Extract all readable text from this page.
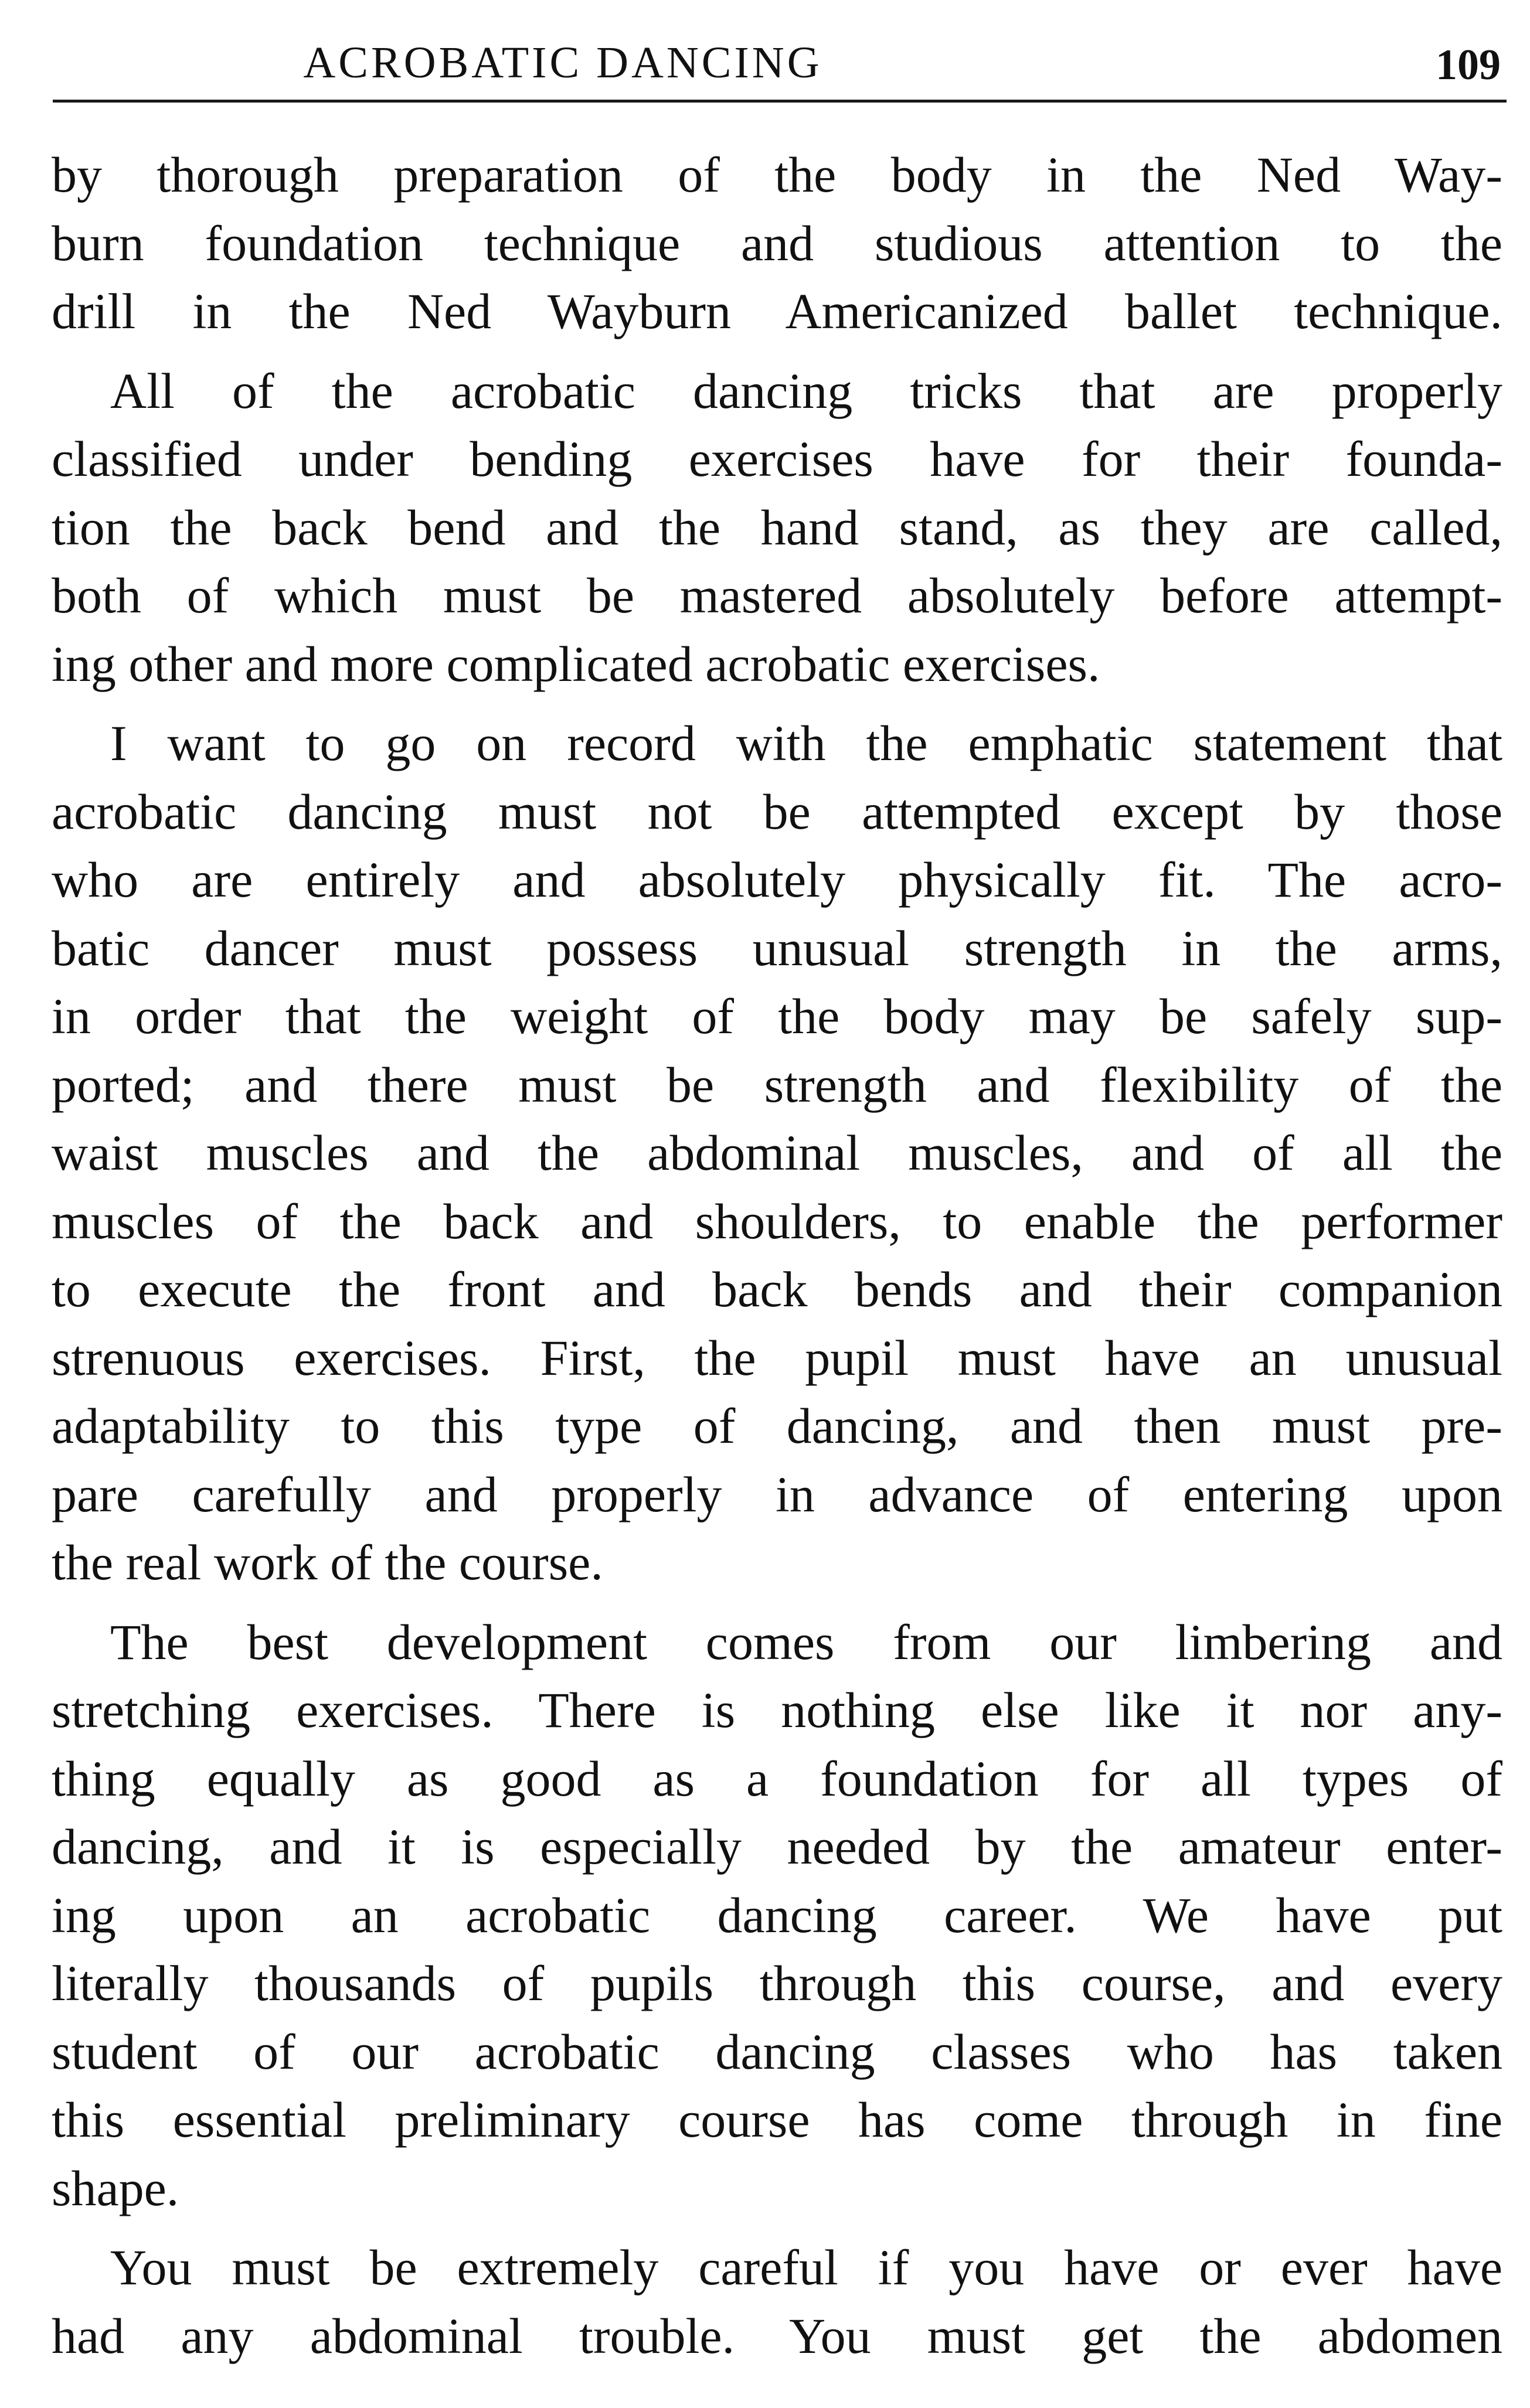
ACROBATIC DANCING	109
by thorough preparation of the body in the Ned Way-
burn foundation technique and studious attention to the
drill in the Ned Wayburn Americanized ballet technique.
All of the acrobatic dancing tricks that are properly
classified under bending exercises have for their founda-
tion the back bend and the hand stand, as they are called,
both of which must be mastered absolutely before attempt-
ing other and more complicated acrobatic exercises.
I want to go on record with the emphatic statement that
acrobatic dancing must not be attempted except by those
who are entirely and absolutely physically fit. The acro-
batic dancer must possess unusual strength in the arms,
in order that the weight of the body may be safely sup-
ported; and there must be strength and flexibility of the
waist muscles and the abdominal muscles, and of all the
muscles of the back and shoulders, to enable the performer
to execute the front and back bends and their companion
strenuous exercises. First, the pupil must have an unusual
adaptability to this type of dancing, and then must pre-
pare carefully and properly in advance of entering upon
the real work of the course.
The best development comes from our limbering and
stretching exercises. There is nothing else like it nor any-
thing equally as good as a foundation for all types of
dancing, and it is especially needed by the amateur enter-
ing upon an acrobatic dancing career. We have put
literally thousands of pupils through this course, and every
student of our acrobatic dancing classes who has taken
this essential preliminary course has come through in fine
shape.
You must be extremely careful if you have or ever have
had any abdominal trouble. You must get the abdomen
